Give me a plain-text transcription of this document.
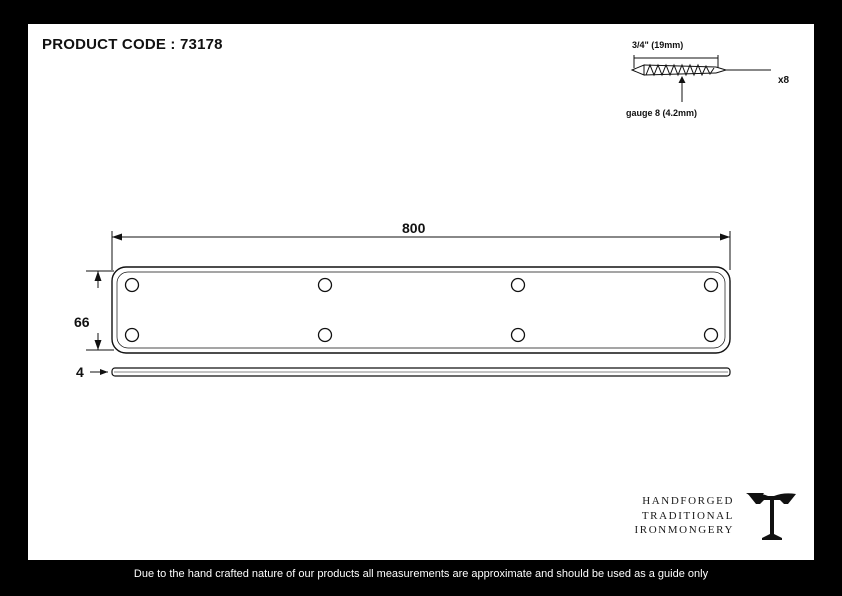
PRODUCT CODE : 73178	3/4" (19mm)
gauge 8 (4.2mm)
x8
800
66
4
HANDFORGED
TRADITIONAL
IRONMONGERY
Due to the hand crafted nature of our products all measurements are approximate and should be used as a guide only
